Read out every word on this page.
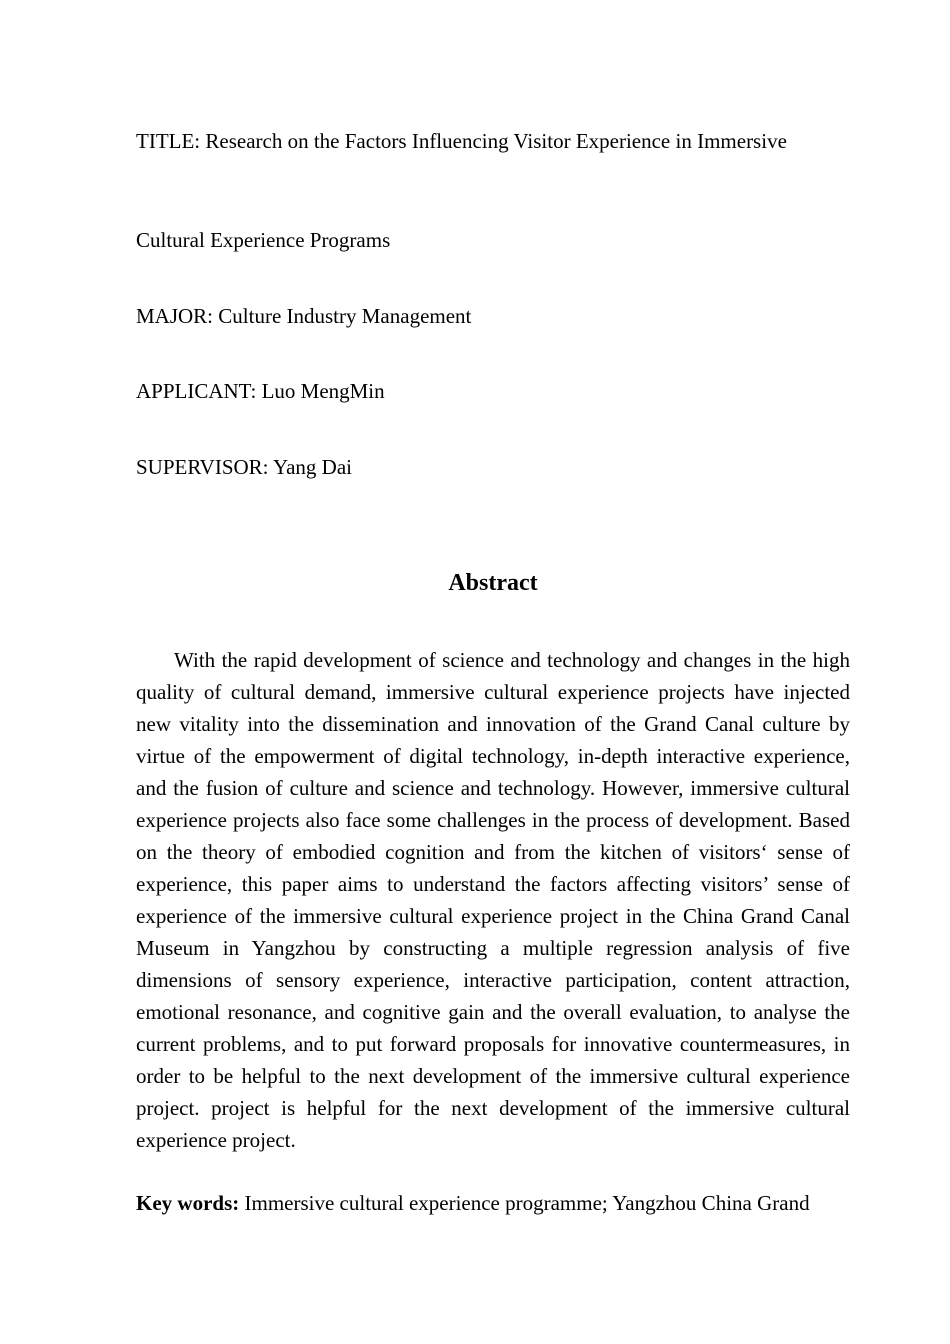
TITLE: Research on the Factors Influencing Visitor Experience in Immersive
Cultural Experience Programs
MAJOR: Culture Industry Management
APPLICANT: Luo MengMin
SUPERVISOR: Yang Dai
Abstract

With the rapid development of science and technology and changes in the high quality of cultural demand, immersive cultural experience projects have injected new vitality into the dissemination and innovation of the Grand Canal culture by virtue of the empowerment of digital technology, in-depth interactive experience, and the fusion of culture and science and technology. However, immersive cultural experience projects also face some challenges in the process of development. Based on the theory of embodied cognition and from the kitchen of visitors‘ sense of experience, this paper aims to understand the factors affecting visitors’ sense of experience of the immersive cultural experience project in the China Grand Canal Museum in Yangzhou by constructing a multiple regression analysis of five dimensions of sensory experience, interactive participation, content attraction, emotional resonance, and cognitive gain and the overall evaluation, to analyse the current problems, and to put forward proposals for innovative countermeasures, in order to be helpful to the next development of the immersive cultural experience project. project is helpful for the next development of the immersive cultural experience project.

Key words: Immersive cultural experience programme; Yangzhou China Grand
